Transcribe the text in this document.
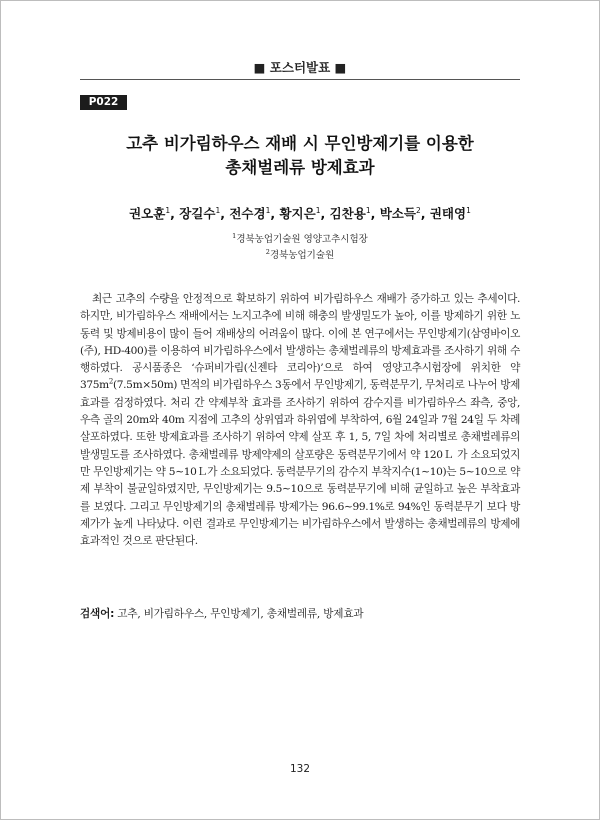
■ 포스터발표 ■
P022
고추 비가림하우스 재배 시 무인방제기를 이용한
총채벌레류 방제효과
권오훈$^1$, 장길수$^1$, 전수경$^1$, 황지은$^1$, 김찬용$^1$, 박소득$^2$, 권태영$^1$
$^1$경북농업기술원 영양고추시험장
$^2$경북농업기술원

최근 고추의 수량을 안정적으로 확보하기 위하여 비가림하우스 재배가 증가하고 있는 추세이다. 하지만, 비가림하우스 재배에서는 노지고추에 비해 해충의 발생밀도가 높아, 이를 방제하기 위한 노동력 및 방제비용이 많이 들어 재배상의 어려움이 많다. 이에 본 연구에서는 무인방제기(삼영바이오(주), HD-400)를 이용하여 비가림하우스에서 발생하는 총채벌레류의 방제효과를 조사하기 위해 수행하였다. 공시품종은 ‘슈퍼비가림(신젠타 코리아)’으로 하여 영양고추시험장에 위치한 약 $375m^2(7.5m\times 50m)$ 면적의 비가림하우스 3동에서 무인방제기, 동력분무기, 무처리로 나누어 방제효과를 검정하였다. 처리 간 약제부착 효과를 조사하기 위하여 감수지를 비가림하우스 좌측, 중앙, 우측 골의 20m와 40m 지점에 고추의 상위엽과 하위엽에 부착하여, 6월 24일과 7월 24일 두 차례 살포하였다. 또한 방제효과를 조사하기 위하여 약제 살포 후 1, 5, 7일 차에 처리별로 총채벌레류의 발생밀도를 조사하였다. 총채벌레류 방제약제의 살포량은 동력분무기에서 약 120Ｌ 가 소요되었지만 무인방제기는 약 5∼10Ｌ가 소요되었다. 동력분무기의 감수지 부착지수(1∼10)는 5∼10으로 약제 부착이 불균일하였지만, 무인방제기는 9.5∼10으로 동력분무기에 비해 균일하고 높은 부착효과를 보였다. 그리고 무인방제기의 총채벌레류 방제가는 96.6∼99.1%로 94%인 동력분무기 보다 방제가가 높게 나타났다. 이런 결과로 무인방제기는 비가림하우스에서 발생하는 총채벌레류의 방제에 효과적인 것으로 판단된다.

검색어: 고추, 비가림하우스, 무인방제기, 총채벌레류, 방제효과
132
